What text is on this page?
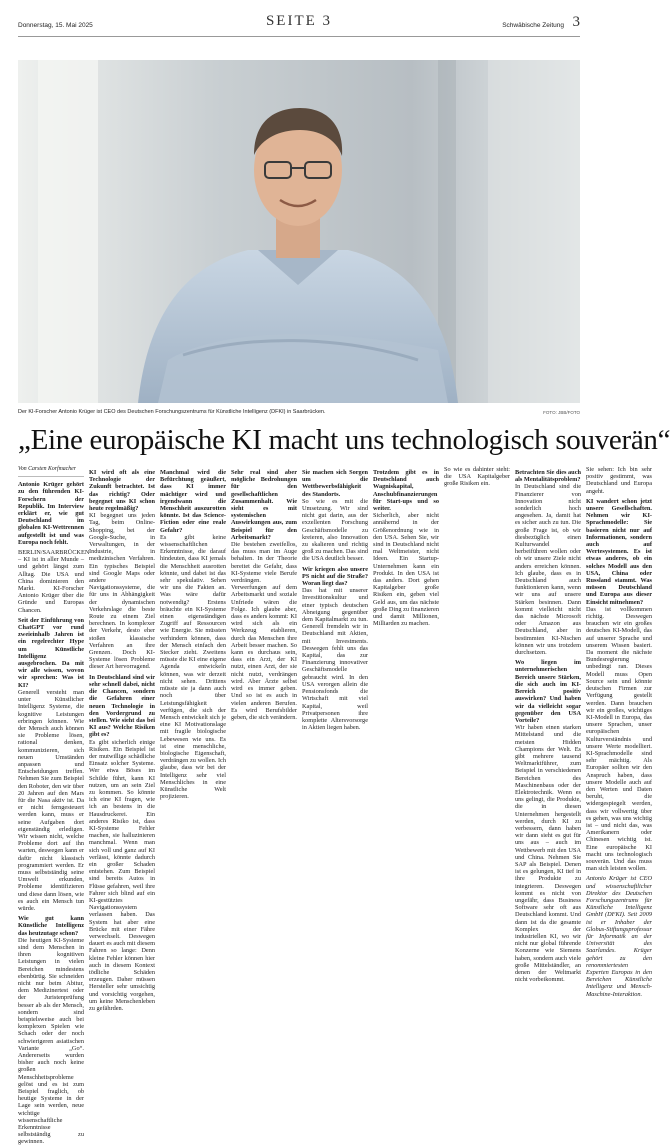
Donnerstag, 15. Mai 2025	SEITE 3	Schwäbische Zeitung 3
Der KI-Forscher Antonio Krüger ist CEO des Deutschen Forschungszentrums für Künstliche Intelligenz (DFKI) in Saarbrücken.	FOTO: JBB/FOTO
„Eine europäische KI macht uns technologisch souverän“

Von Carsten Korfmacher

Antonio Krüger gehört zu den führenden KI-Forschern der Republik. Im Interview erklärt er, wie gut Deutschland im globalen KI-Wettrennen aufgestellt ist und was Europa noch fehlt.

BERLIN/SAARBRÜCKEN – KI ist in aller Munde – und gehört längst zum Alltag. Die USA und China dominieren den Markt. KI-Forscher Antonio Krüger über die Gründe und Europas Chancen.

Seit der Einführung von ChatGPT vor rund zweieinhalb Jahren ist ein regelrechter Hype um Künstliche Intelligenz ausgebrochen. Da mit wir alle wissen, wovon wir sprechen: Was ist KI?

Generell versteht man unter Künstlicher Intelligenz Systeme, die kognitive Leistungen erbringen können. Wie der Mensch auch können sie Probleme lösen, rational denken, kommunizieren, sich neuen Umständen anpassen und Entscheidungen treffen. Nehmen Sie zum Beispiel den Roboter, den wir über 20 Jahren auf den Mars für die Nasa aktiv ist. Da er nicht ferngesteuert werden kann, muss er seine Aufgaben dort eigenständig erledigen. Wir wissen nicht, welche Probleme dort auf ihn warten, deswegen kann er dafür nicht klassisch programmiert werden. Er muss selbstständig seine Umwelt erkunden, Probleme identifizieren und diese dann lösen, wie es auch ein Mensch tun würde.

Wie gut kann Künstliche Intelligenz das heutzutage schon?

Die heutigen KI-Systeme sind dem Menschen in ihren kognitiven Leistungen in vielen Bereichen mindestens ebenbürtig. Sie schneiden nicht nur beim Abitur, dem Medizinertest oder der Juristenprüfung besser ab als der Mensch, sondern sind beispielsweise auch bei komplexen Spielen wie Schach oder der noch schwierigeren asiatischen Variante „Go“. Andererseits wurden bisher auch noch keine großen Menschheitsprobleme gelöst und es ist zum Beispiel fraglich, ob heutige Systeme in der Lage sein werden, neue wichtige wissenschaftliche Erkenntnisse selbstständig zu gewinnen.

KI wird oft als eine Technologie der Zukunft betrachtet. Ist das richtig? Oder begegnet uns KI schon heute regelmäßig?

KI begegnet uns jeden Tag, beim Online-Shopping, bei der Google-Suche, in Verwaltungen, in der Industrie, in medizinischen Verfahren. Ein typisches Beispiel sind Google Maps oder andere Navigationssysteme, die für uns in Abhängigkeit der dynamischen Verkehrslage die beste Route zu einem Ziel berechnen. In komplexer der Verkehr, desto eher stoßen klassische Verfahren an ihre Grenzen. Doch KI-Systeme lösen Probleme dieser Art hervorragend.

In Deutschland sind wir sehr schnell dabei, nicht die Chancen, sondern die Gefahren einer neuen Technologie in den Vordergrund zu stellen. Wie sieht das bei KI aus? Welche Risiken gibt es?

Es gibt sicherlich einige Risiken. Ein Beispiel ist der mutwillige schädliche Einsatz solcher Systeme. Wer etwa Böses im Schilde führt, kann KI nutzen, um an sein Ziel zu kommen. So könnte ich eine KI fragen, wie ich an bestens in die Hausdruckerei. Ein anderes Risiko ist, dass KI-Systeme Fehler machen, sie halluzinieren manchmal. Wenn man sich voll und ganz auf KI verlässt, könnte dadurch ein großer Schaden entstehen. Zum Beispiel sind bereits Autos in Flüsse gefahren, weil ihre Fahrer sich blind auf ein KI-gestütztes Navigationssystem verlassen haben. Das System hat aber eine Brücke mit einer Fähre verwechselt. Deswegen dauert es auch mit diesem Fahren so lange: Denn kleine Fehler können hier auch in diesem Kontext tödliche Schäden erzeugen. Daher müssen Hersteller sehr umsichtig und vorsichtig vorgehen, um keine Menschenleben zu gefährden.

Manchmal wird die Befürchtung geäußert, dass KI immer mächtiger wird und irgendwann die Menschheit auszurotten könnte. Ist das Science-Fiction oder eine reale Gefahr?

Es gibt keine wissenschaftlichen Erkenntnisse, die darauf hindeuten, dass KI jemals die Menschheit ausrotten könnte, und dabei ist das sehr spekulativ. Sehen wir uns die Fakten an. Was wäre dafür notwendig? Erstens bräuchte ein KI-Systeme einen eigenständigen Zugriff auf Ressourcen wie Energie. Sie müssten verhindern können, dass der Mensch einfach den Stecker zieht. Zweitens müsste die KI eine eigene Agenda entwickeln können, was wir derzeit nicht sehen. Drittens müsste sie ja dann auch noch über Leistungsfähigkeit verfügen, die sich der Mensch entwickelt sich je eine KI Motivationslage mit fragile biologische Lebewesen wie uns. Es ist eine menschliche, biologische Eigenschaft, verdrängen zu wollen. Ich glaube, dass wir bei der Intelligenz sehr viel Menschliches in eine Künstliche Welt projizieren.

Sehr real sind aber mögliche Bedrohungen für den gesellschaftlichen Zusammenhalt. Wie sieht es mit systemischen Auswirkungen aus, zum Beispiel für den Arbeitsmarkt?

Die bestehen zweifellos, das muss man im Auge behalten. In der Theorie bereitet die Gefahr, dass KI-Systeme viele Berufe verdrängen. Verwerfungen auf dem Arbeitsmarkt und soziale Unfriede wären die Folge. Ich glaube aber, dass es anders kommt: KI wird sich als ein Werkzeug etablieren, durch das Menschen ihre Arbeit besser machen. So kann es durchaus sein, dass ein Arzt, der KI nutzt, einen Arzt, der sie nicht nutzt, verdrängen wird. Aber Ärzte selbst wird es immer geben. Und so ist es auch in vielen anderen Berufen. Es wird Berufsbilder geben, die sich verändern.

Sie machen sich Sorgen um die Wettbewerbsfähigkeit des Standorts.

So wie es mit die Umsetzung. Wir sind nicht gut darin, aus der exzellenten Forschung Geschäftsmodelle zu kreieren, also Innovation zu skalieren und richtig groß zu machen. Das sind die USA deutlich besser.

Wir kriegen also unsere PS nicht auf die Straße? Woran liegt das?

Das hat mit unserer Investitionskultur und einer typisch deutschen Abneigung gegenüber dem Kapitalmarkt zu tun. Generell fremdeln wir in Deutschland mit Aktien, mit Investments. Deswegen fehlt uns das Kapital, das zur Finanzierung innovativer Geschäftsmodelle gebraucht wird. In den USA verorgen allein die Pensionsfonds die Wirtschaft mit viel Kapital, weil Privatpersonen ihre komplette Altersvorsorge in Aktien liegen haben.

Trotzdem gibt es in Deutschland auch Wagniskapital, Anschubfinanzierungen für Start-ups und so weiter.

Sicherlich, aber nicht annähernd in der Größenordnung wie in den USA. Sehen Sie, wir sind in Deutschland nicht mal Weltmeister, nicht Ideen. Ein Startup-Unternehmen kann ein Produkt. In den USA ist das anders. Dort gehen Kapitalgeber große Risiken ein, geben viel Geld aus, um das nächste große Ding zu finanzieren und damit Millionen, Milliarden zu machen.

So wie es dahinter steht: die USA Kapitalgeber große Risiken ein.

Betrachten Sie dies auch als Mentalitätsproblem?

In Deutschland sind die Finanzierer von Innovation nicht sonderlich hoch angesehen. Ja, damit hat es sicher auch zu tun. Die große Frage ist, ob wir diesbezüglich einen Kulturwandel herbeiführen wollen oder ob wir unsere Ziele nicht anders erreichen können. Ich glaube, dass es in Deutschland auch funktionieren kann, wenn wir uns auf unsere Stärken besinnen. Dann kommt vielleicht nicht das nächste Microsoft oder Amazon aus Deutschland, aber in bestimmten KI-Nischen können wir uns trotzdem durchsetzen.

Wo liegen im unternehmerischen Bereich unsere Stärken, die sich auch im KI-Bereich positiv auswirken? Und haben wir da vielleicht sogar gegenüber den USA Vorteile?

Wir haben einen starken Mittelstand und die meisten Hidden Champions der Welt. Es gibt mehrere tausend Weltmarktführer, zum Beispiel in verschiedenen Bereichen des Maschinenbaus oder der Elektrotechnik. Wenn es uns gelingt, die Produkte, die in diesen Unternehmen hergestellt werden, durch KI zu verbessern, dann haben wir dann sieht es gut für uns aus – auch im Wettbewerb mit den USA und China. Nehmen Sie SAP als Beispiel. Denen ist es gelungen, KI tief in ihre Produkte zu integrieren. Deswegen kommt es nicht von ungefähr, dass Business Software sehr oft aus Deutschland kommt. Und dann ist da die gesamte Komplex der industriellen KI, wo wir nicht nur global führende Konzerne wie Siemens haben, sondern auch viele große Mittelständler, an denen der Weltmarkt nicht vorbeikommt.

Sie sehen: Ich bin sehr positiv gestimmt, was Deutschland und Europa angeht.

KI wandert schon jetzt unsere Gesellschaften. Nehmen wir KI-Sprachmodelle: Sie basieren nicht nur auf Informationen, sondern auch auf Wertesystemen. Es ist etwas anderes, ob ein solches Modell aus den USA, China oder Russland stammt. Was müssen Deutschland und Europa aus dieser Einsicht mitnehmen?

Das ist vollkommen richtig. Deswegen brauchen wir ein großes deutsches KI-Modell, das auf unserer Sprache und unserem Wissen basiert. Da moment die nächste Bundesregierung unbedingt ran. Dieses Modell muss Open Source sein und könnte deutschen Firmen zur Verfügung gestellt werden. Dann brauchen wir ein großes, wichtiges KI-Modell in Europa, das unsere Sprachen, unser europäischen Kulturverständnis und unsere Werte modelliert. KI-Sprachmodelle sind sehr mächtig. Als Europäer sollten wir den Anspruch haben, dass unsere Modelle auch auf den Werten und Daten beruht, die widergespiegelt werden, dass wir vollwertig über es gehen, was uns wichtig ist – und nicht das, was Amerikanern oder Chinesen wichtig ist. Eine europäische KI macht uns technologisch souverän. Und das muss man sich leisten wollen.

Antonio Krüger ist CEO und wissenschaftlicher Direktor des Deutschen Forschungszentrums für Künstliche Intelligenz GmbH (DFKI). Seit 2009 ist er Inhaber der Globus-Stiftungsprofessur für Informatik an der Universität des Saarlandes. Krüger gehört zu den renommiertesten Experten Europas in den Bereichen Künstliche Intelligenz und Mensch-Maschine-Interaktion.
